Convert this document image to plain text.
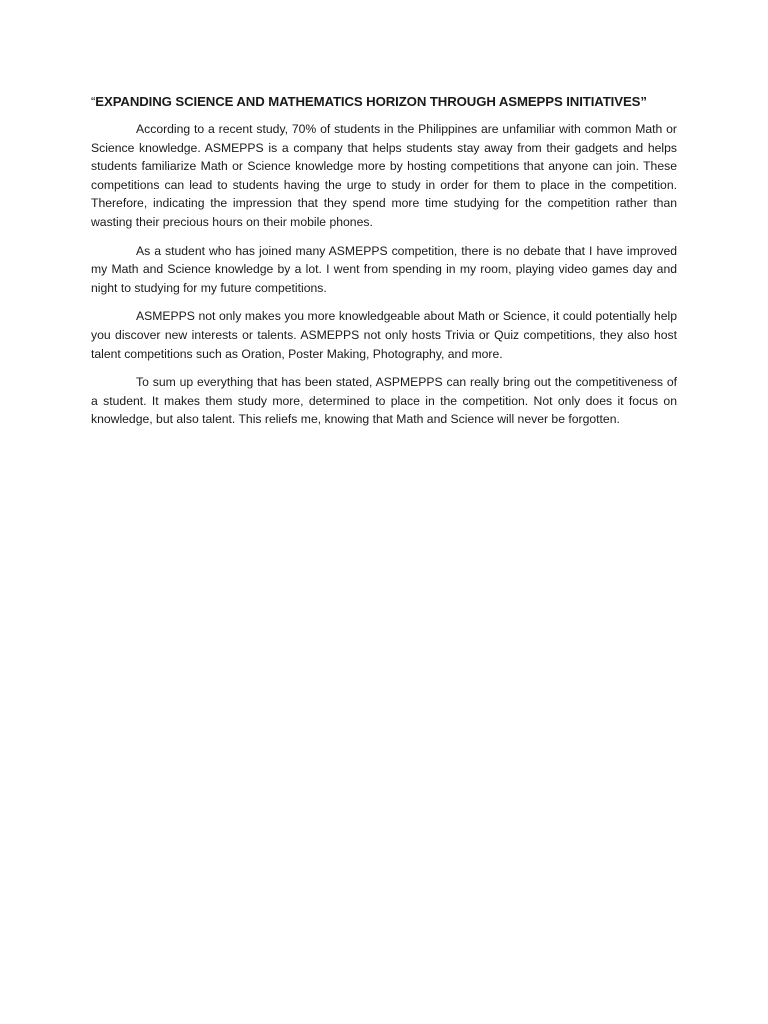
“EXPANDING SCIENCE AND MATHEMATICS HORIZON THROUGH ASMEPPS INITIATIVES”

According to a recent study, 70% of students in the Philippines are unfamiliar with common Math or Science knowledge. ASMEPPS is a company that helps students stay away from their gadgets and helps students familiarize Math or Science knowledge more by hosting competitions that anyone can join. These competitions can lead to students having the urge to study in order for them to place in the competition. Therefore, indicating the impression that they spend more time studying for the competition rather than wasting their precious hours on their mobile phones.

As a student who has joined many ASMEPPS competition, there is no debate that I have improved my Math and Science knowledge by a lot. I went from spending in my room, playing video games day and night to studying for my future competitions.

ASMEPPS not only makes you more knowledgeable about Math or Science, it could potentially help you discover new interests or talents. ASMEPPS not only hosts Trivia or Quiz competitions, they also host talent competitions such as Oration, Poster Making, Photography, and more.

To sum up everything that has been stated, ASPMEPPS can really bring out the competitiveness of a student. It makes them study more, determined to place in the competition. Not only does it focus on knowledge, but also talent. This reliefs me, knowing that Math and Science will never be forgotten.
